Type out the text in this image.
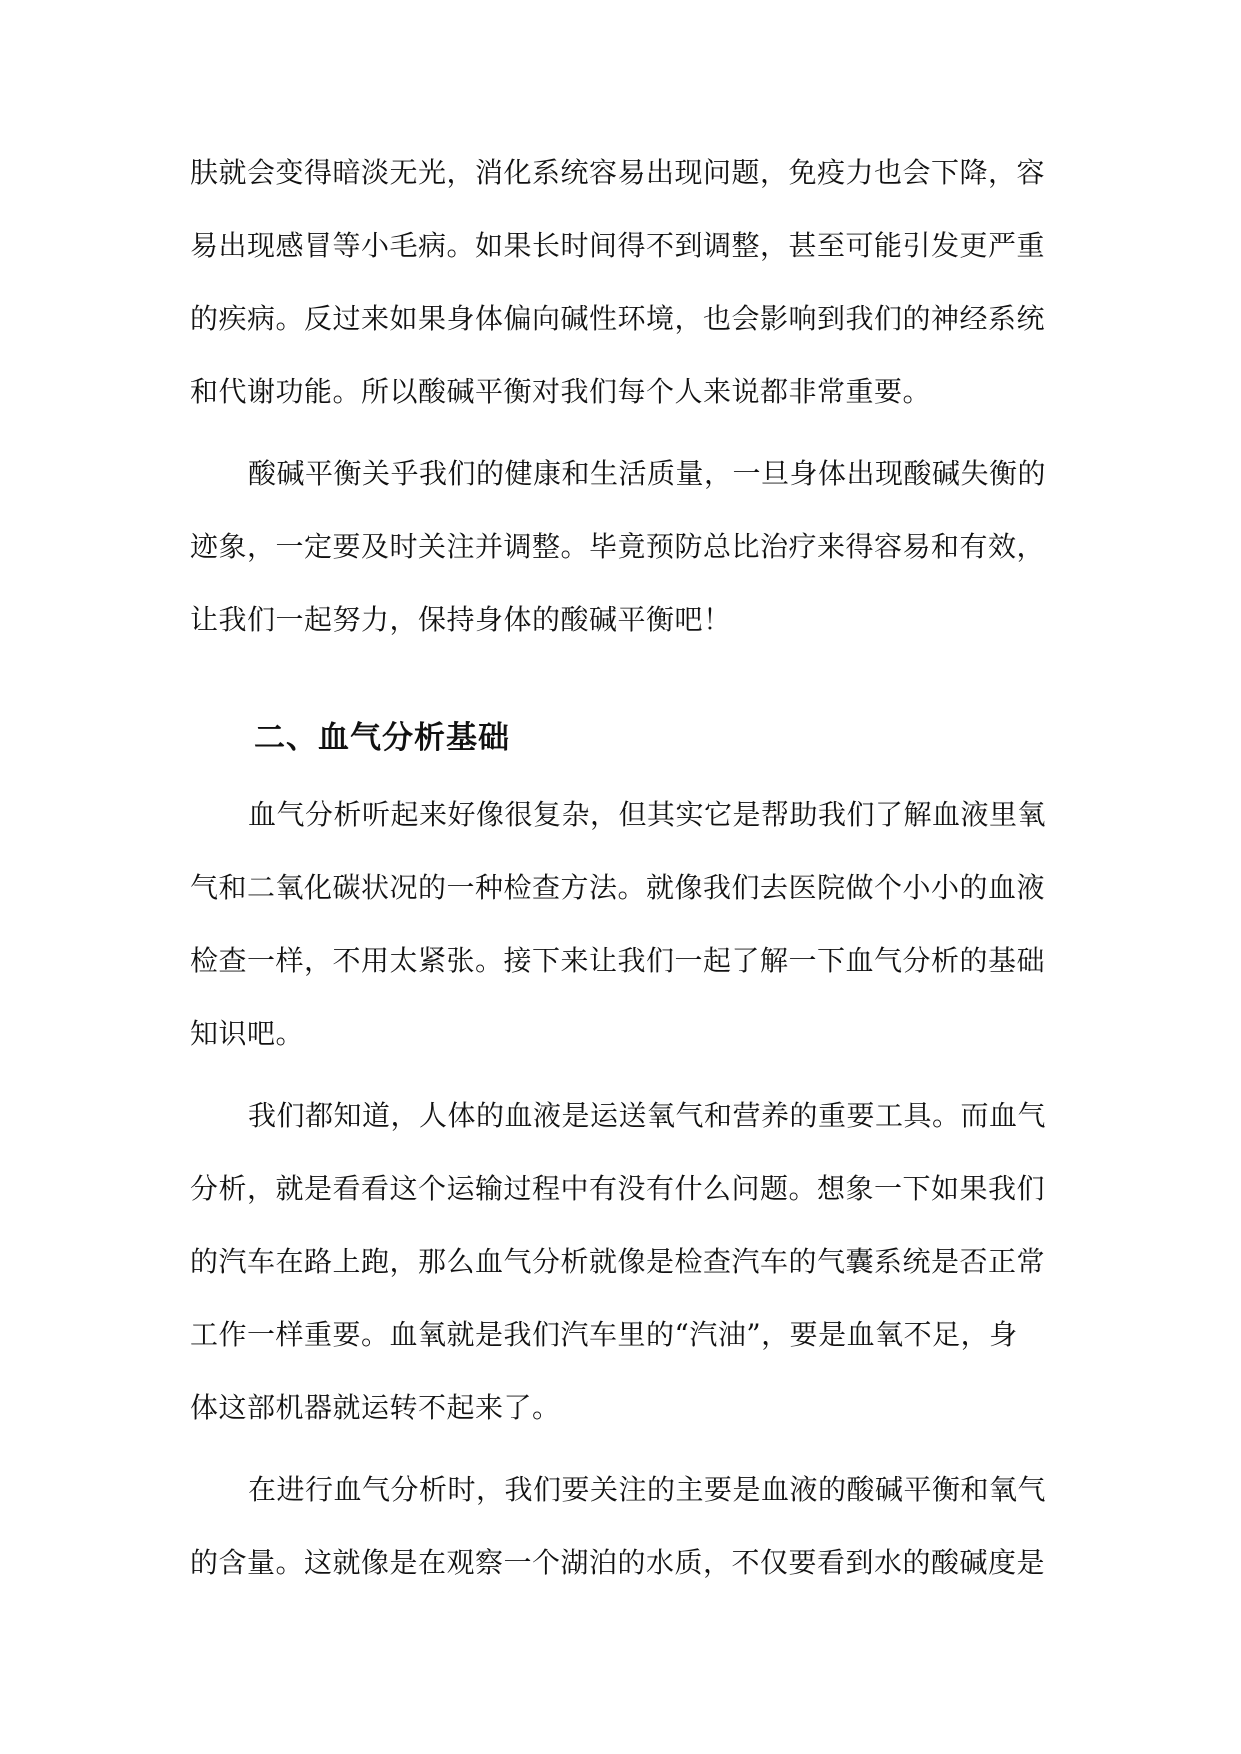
肤就会变得暗淡无光，消化系统容易出现问题，免疫力也会下降，容
易出现感冒等小毛病。如果长时间得不到调整，甚至可能引发更严重
的疾病。反过来如果身体偏向碱性环境，也会影响到我们的神经系统
和代谢功能。所以酸碱平衡对我们每个人来说都非常重要。
酸碱平衡关乎我们的健康和生活质量，一旦身体出现酸碱失衡的
迹象，一定要及时关注并调整。毕竟预防总比治疗来得容易和有效，
让我们一起努力，保持身体的酸碱平衡吧！
二、血气分析基础
血气分析听起来好像很复杂，但其实它是帮助我们了解血液里氧
气和二氧化碳状况的一种检查方法。就像我们去医院做个小小的血液
检查一样，不用太紧张。接下来让我们一起了解一下血气分析的基础
知识吧。
我们都知道，人体的血液是运送氧气和营养的重要工具。而血气
分析，就是看看这个运输过程中有没有什么问题。想象一下如果我们
的汽车在路上跑，那么血气分析就像是检查汽车的气囊系统是否正常
工作一样重要。血氧就是我们汽车里的“汽油”，要是血氧不足，身
体这部机器就运转不起来了。
在进行血气分析时，我们要关注的主要是血液的酸碱平衡和氧气
的含量。这就像是在观察一个湖泊的水质，不仅要看到水的酸碱度是
